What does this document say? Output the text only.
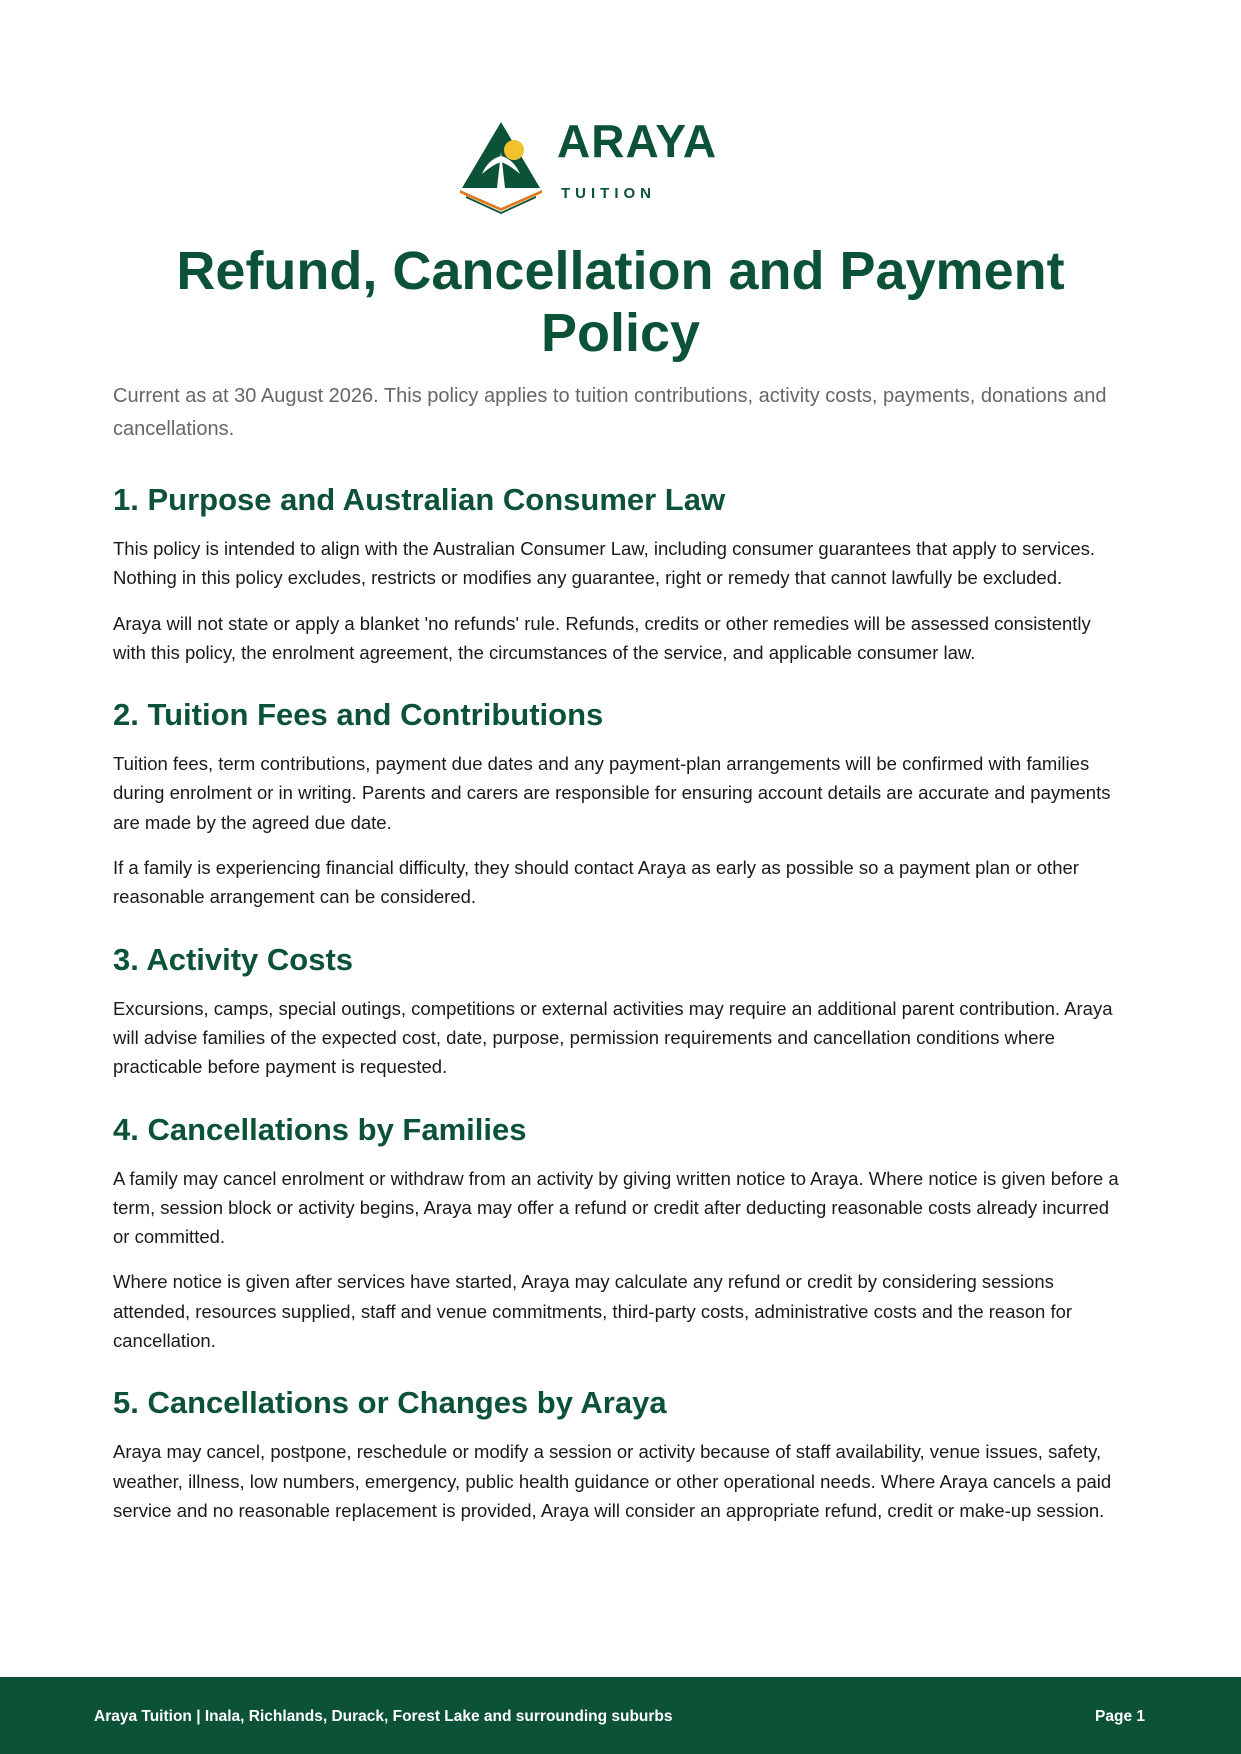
ARAYA
TUITION
Refund, Cancellation and Payment Policy

Current as at 30 August 2026. This policy applies to tuition contributions, activity costs, payments, donations and cancellations.

1. Purpose and Australian Consumer Law

This policy is intended to align with the Australian Consumer Law, including consumer guarantees that apply to services. Nothing in this policy excludes, restricts or modifies any guarantee, right or remedy that cannot lawfully be excluded.

Araya will not state or apply a blanket 'no refunds' rule. Refunds, credits or other remedies will be assessed consistently with this policy, the enrolment agreement, the circumstances of the service, and applicable consumer law.

2. Tuition Fees and Contributions

Tuition fees, term contributions, payment due dates and any payment-plan arrangements will be confirmed with families during enrolment or in writing. Parents and carers are responsible for ensuring account details are accurate and payments are made by the agreed due date.

If a family is experiencing financial difficulty, they should contact Araya as early as possible so a payment plan or other reasonable arrangement can be considered.

3. Activity Costs

Excursions, camps, special outings, competitions or external activities may require an additional parent contribution. Araya will advise families of the expected cost, date, purpose, permission requirements and cancellation conditions where practicable before payment is requested.

4. Cancellations by Families

A family may cancel enrolment or withdraw from an activity by giving written notice to Araya. Where notice is given before a term, session block or activity begins, Araya may offer a refund or credit after deducting reasonable costs already incurred or committed.

Where notice is given after services have started, Araya may calculate any refund or credit by considering sessions attended, resources supplied, staff and venue commitments, third-party costs, administrative costs and the reason for cancellation.

5. Cancellations or Changes by Araya

Araya may cancel, postpone, reschedule or modify a session or activity because of staff availability, venue issues, safety, weather, illness, low numbers, emergency, public health guidance or other operational needs. Where Araya cancels a paid service and no reasonable replacement is provided, Araya will consider an appropriate refund, credit or make-up session.

Araya Tuition | Inala, Richlands, Durack, Forest Lake and surrounding suburbs	Page 1
